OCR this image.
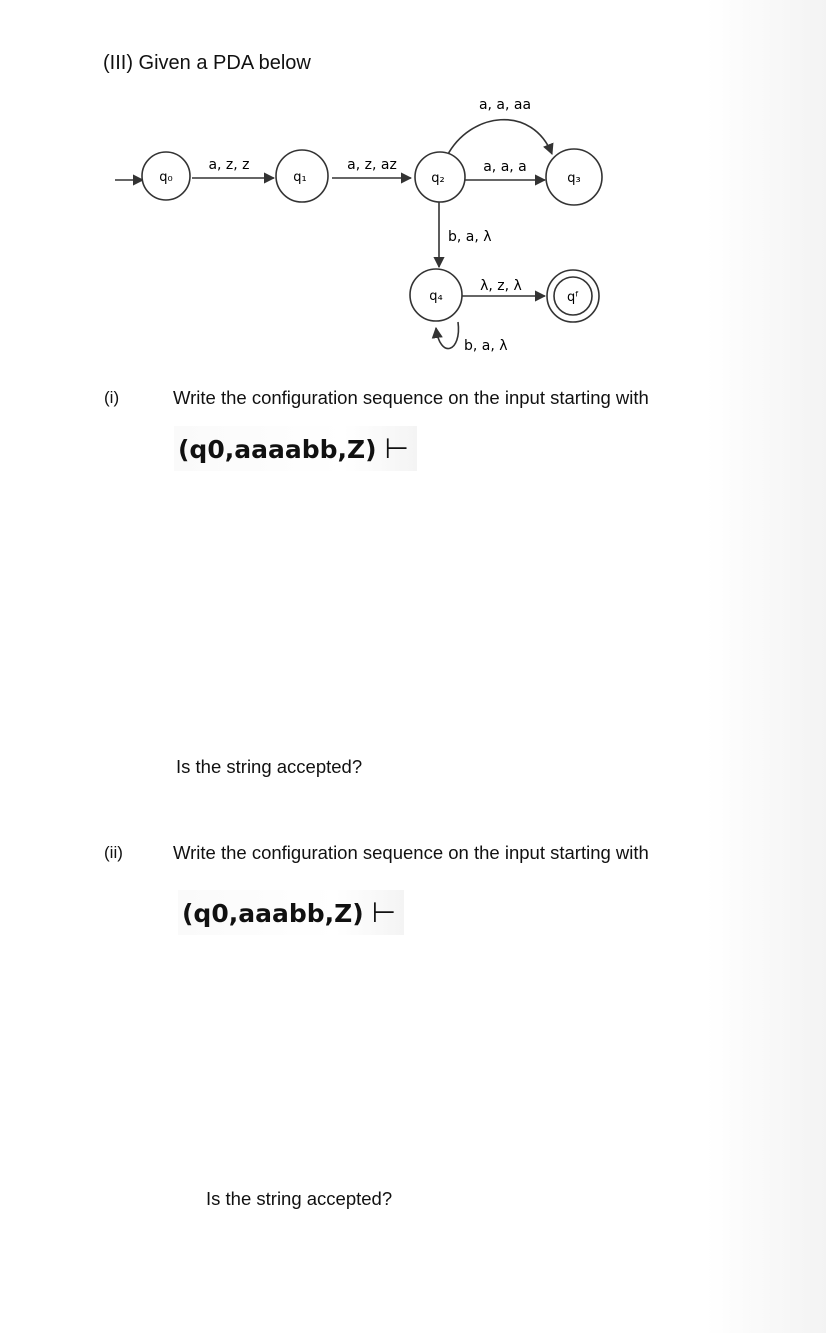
(III) Given a PDA below
q₀	q₁	q₂	q₃
q₄	qᶠ
a, z, z	a, z, az
a, a, aa
a, a, a
b, a, λ
λ, z, λ
b, a, λ
(i)	Write the configuration sequence on the input starting with
(q0,aaaabb,Z) ⊢
Is the string accepted?
(ii)	Write the configuration sequence on the input starting with
(q0,aaabb,Z) ⊢
Is the string accepted?
